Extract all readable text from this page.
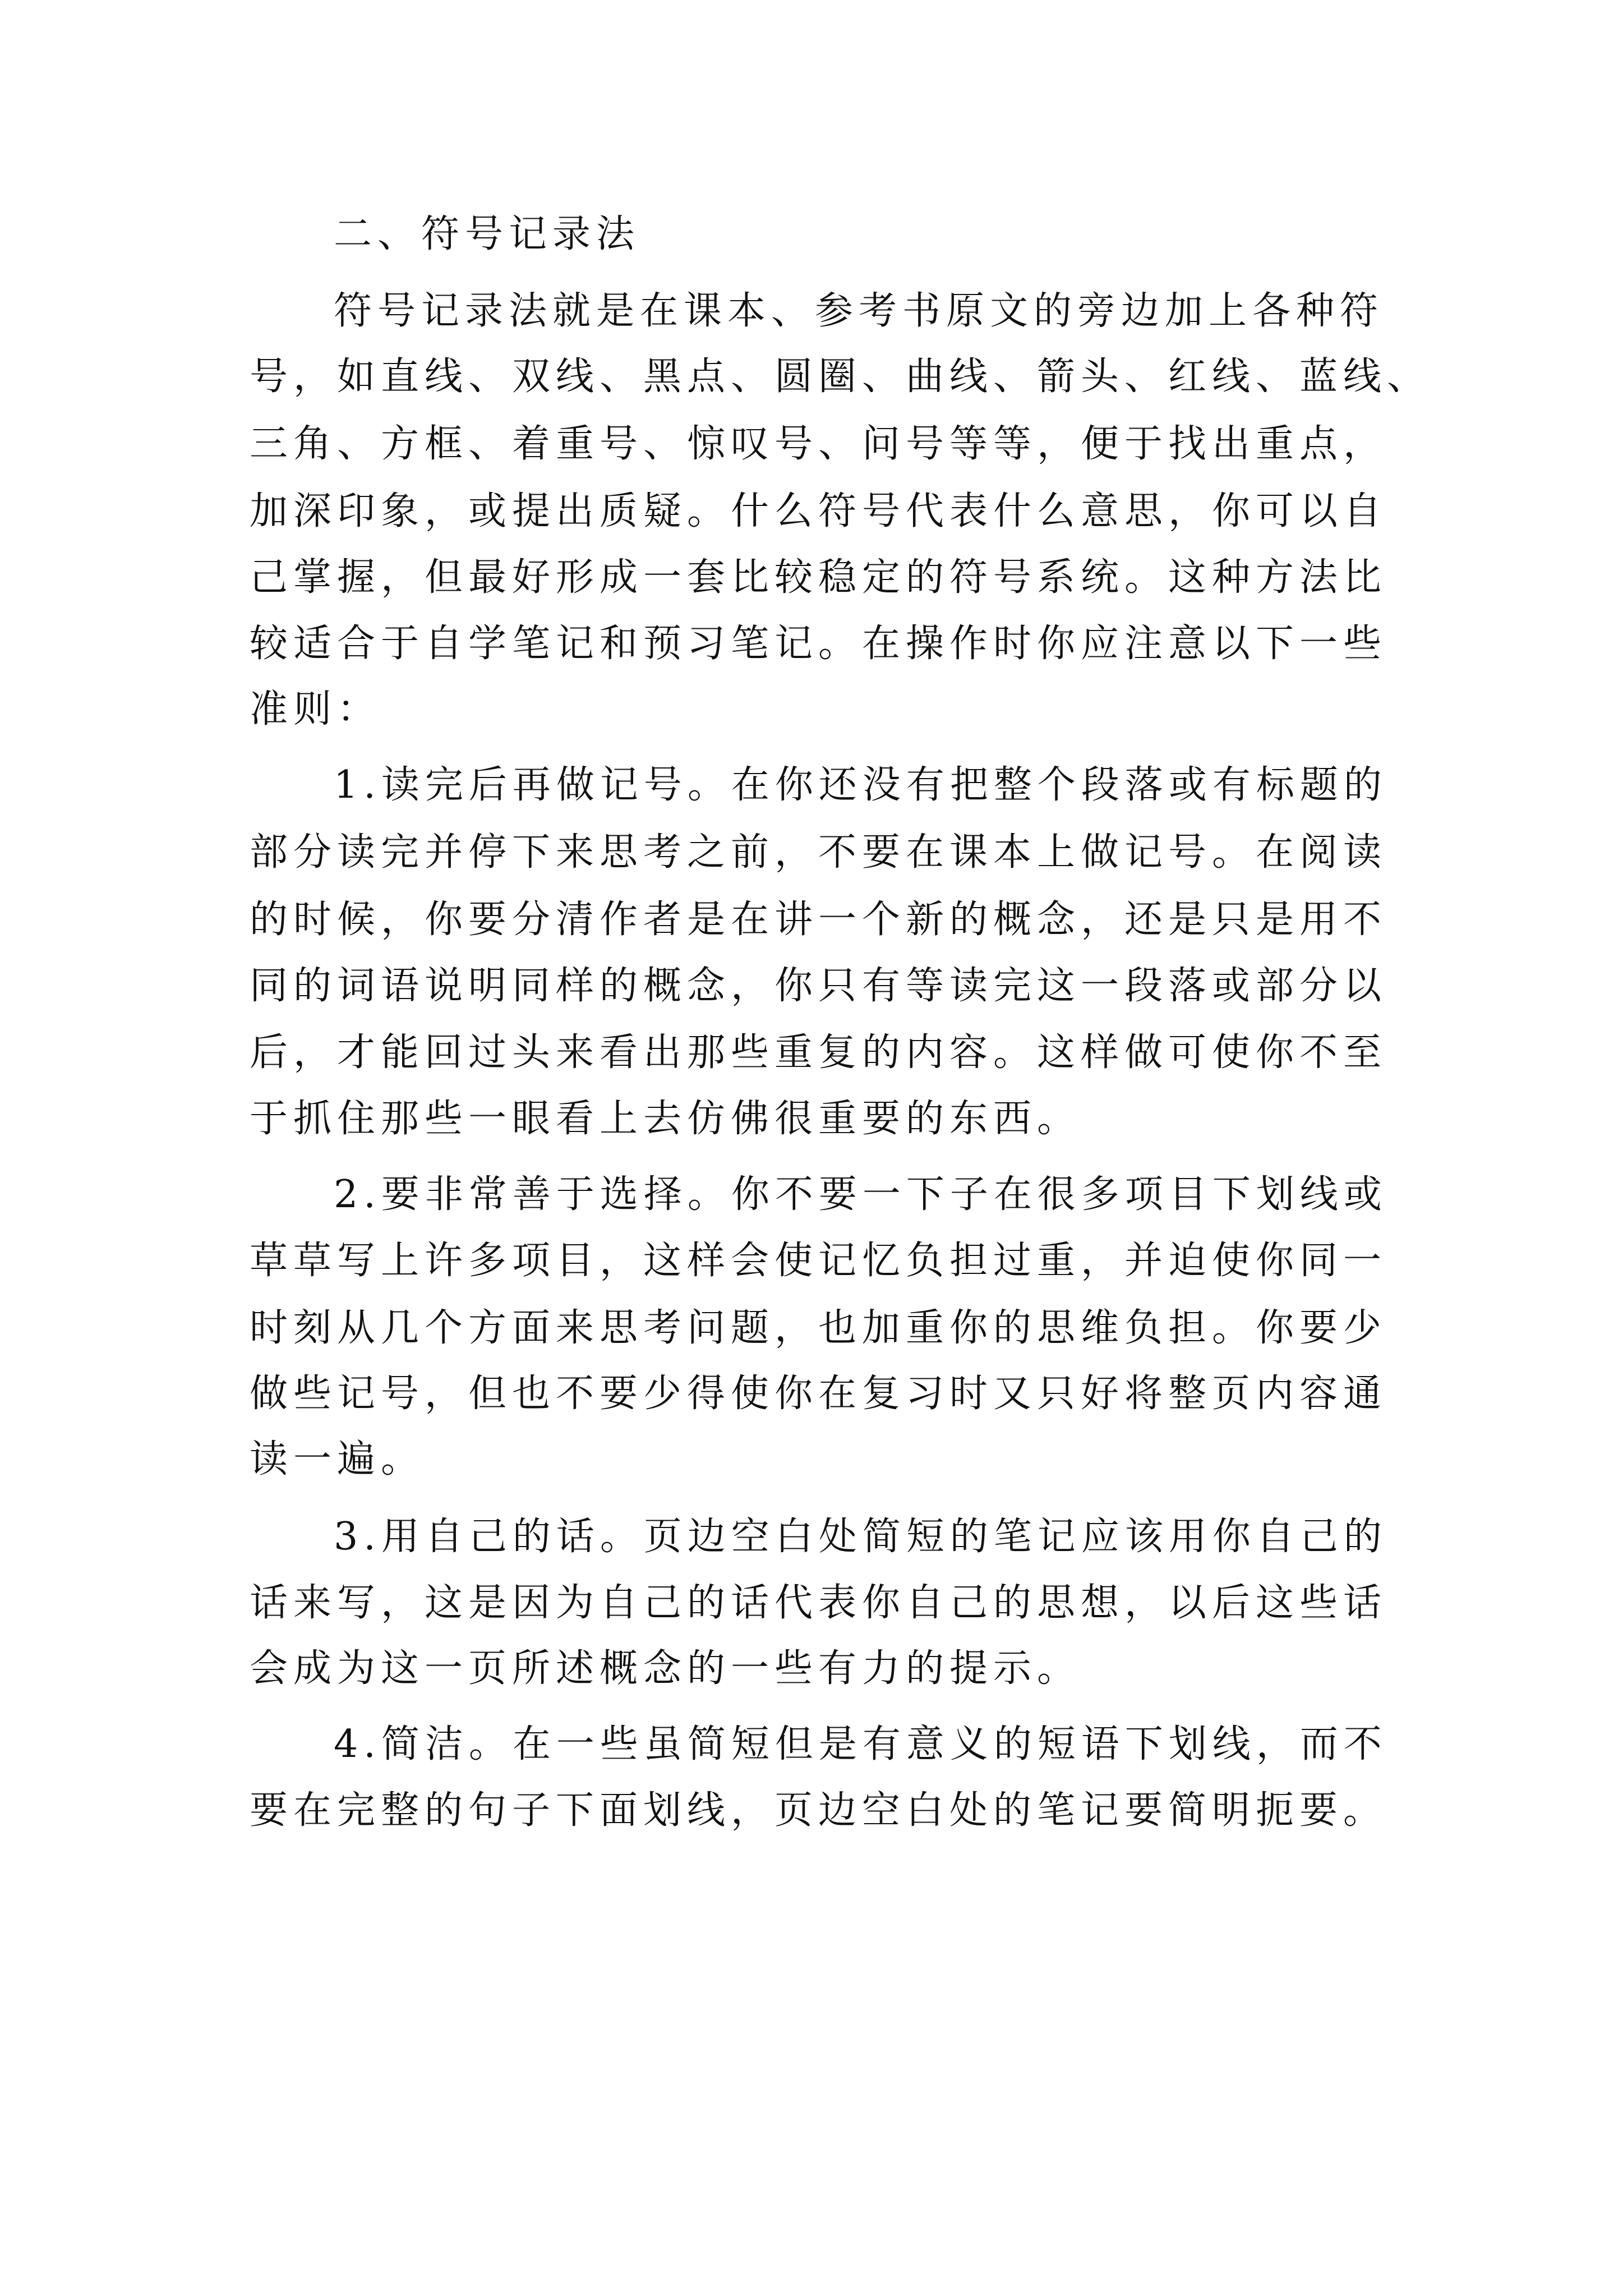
二、符号记录法
符号记录法就是在课本、参考书原文的旁边加上各种符
号，如直线、双线、黑点、圆圈、曲线、箭头、红线、蓝线、
三角、方框、着重号、惊叹号、问号等等，便于找出重点，
加深印象，或提出质疑。什么符号代表什么意思，你可以自
己掌握，但最好形成一套比较稳定的符号系统。这种方法比
较适合于自学笔记和预习笔记。在操作时你应注意以下一些
准则：
1.读完后再做记号。在你还没有把整个段落或有标题的
部分读完并停下来思考之前，不要在课本上做记号。在阅读
的时候，你要分清作者是在讲一个新的概念，还是只是用不
同的词语说明同样的概念，你只有等读完这一段落或部分以
后，才能回过头来看出那些重复的内容。这样做可使你不至
于抓住那些一眼看上去仿佛很重要的东西。
2.要非常善于选择。你不要一下子在很多项目下划线或
草草写上许多项目，这样会使记忆负担过重，并迫使你同一
时刻从几个方面来思考问题，也加重你的思维负担。你要少
做些记号，但也不要少得使你在复习时又只好将整页内容通
读一遍。
3.用自己的话。页边空白处简短的笔记应该用你自己的
话来写，这是因为自己的话代表你自己的思想，以后这些话
会成为这一页所述概念的一些有力的提示。
4.简洁。在一些虽简短但是有意义的短语下划线，而不
要在完整的句子下面划线，页边空白处的笔记要简明扼要。
